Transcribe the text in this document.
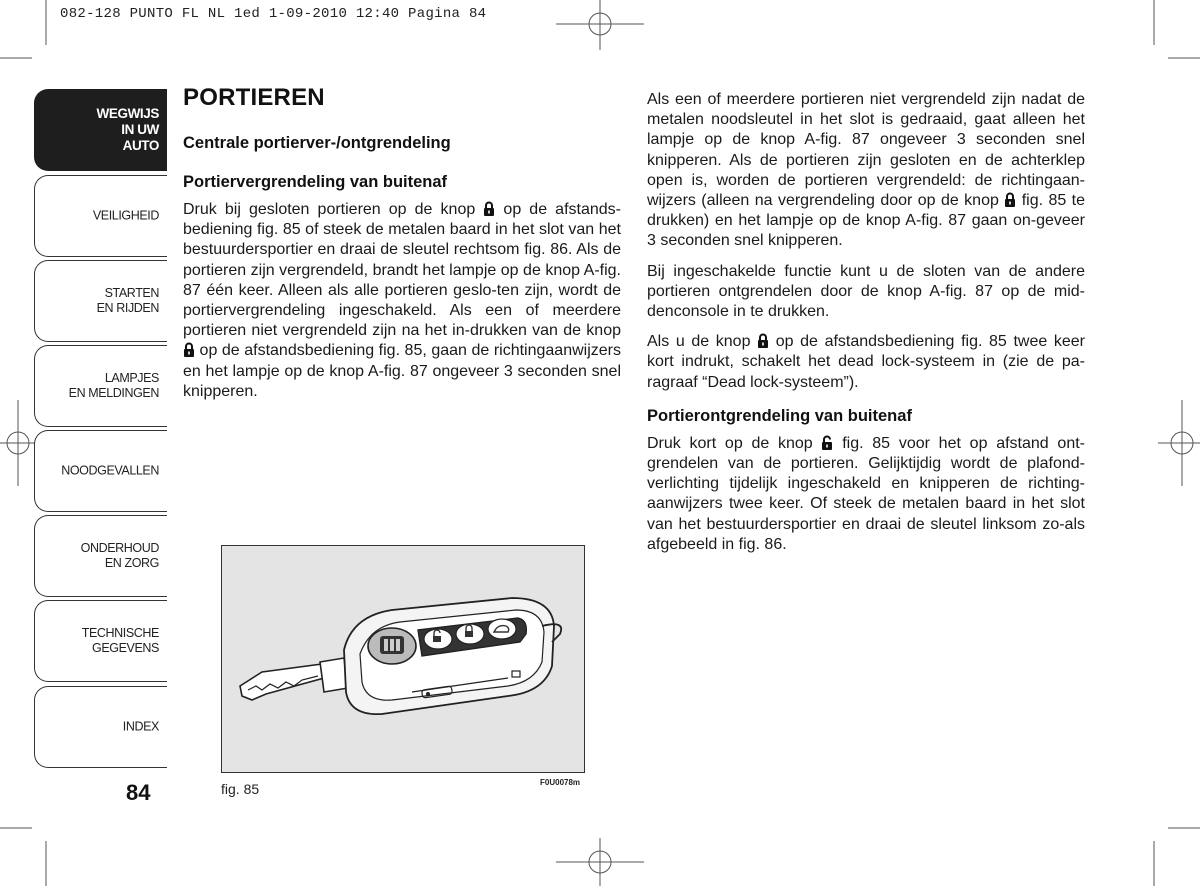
082-128 PUNTO FL NL 1ed 1-09-2010 12:40 Pagina 84
WEGWIJS
IN UW
AUTO
VEILIGHEID
STARTEN
EN RIJDEN
LAMPJES
EN MELDINGEN
NOODGEVALLEN
ONDERHOUD
EN ZORG
TECHNISCHE
GEGEVENS
INDEX
84
PORTIEREN
Centrale portierver-/ontgrendeling
Portiervergrendeling van buitenaf

Druk bij gesloten portieren op de knop  op de afstands-bediening fig. 85 of steek de metalen baard in het slot van het bestuurdersportier en draai de sleutel rechtsom fig. 86. Als de portieren zijn vergrendeld, brandt het lampje op de knop A-fig. 87 één keer. Alleen als alle portieren geslo-ten zijn, wordt de portiervergrendeling ingeschakeld. Als een of meerdere portieren niet vergrendeld zijn na het in-drukken van de knop  op de afstandsbediening fig. 85, gaan de richtingaanwijzers en het lampje op de knop A-fig. 87 ongeveer 3 seconden snel knipperen.

fig. 85	F0U0078m

Als een of meerdere portieren niet vergrendeld zijn nadat de metalen noodsleutel in het slot is gedraaid, gaat alleen het lampje op de knop A-fig. 87 ongeveer 3 seconden snel knipperen. Als de portieren zijn gesloten en de achterklep open is, worden de portieren vergrendeld: de richtingaan-wijzers (alleen na vergrendeling door op de knop  fig. 85 te drukken) en het lampje op de knop A-fig. 87 gaan on-geveer 3 seconden snel knipperen.

Bij ingeschakelde functie kunt u de sloten van de andere portieren ontgrendelen door de knop A-fig. 87 op de mid-denconsole in te drukken.

Als u de knop  op de afstandsbediening fig. 85 twee keer kort indrukt, schakelt het dead lock-systeem in (zie de pa-ragraaf “Dead lock-systeem”).

Portierontgrendeling van buitenaf

Druk kort op de knop  fig. 85 voor het op afstand ont-grendelen van de portieren. Gelijktijdig wordt de plafond-verlichting tijdelijk ingeschakeld en knipperen de richting-aanwijzers twee keer. Of steek de metalen baard in het slot van het bestuurdersportier en draai de sleutel linksom zo-als afgebeeld in fig. 86.
